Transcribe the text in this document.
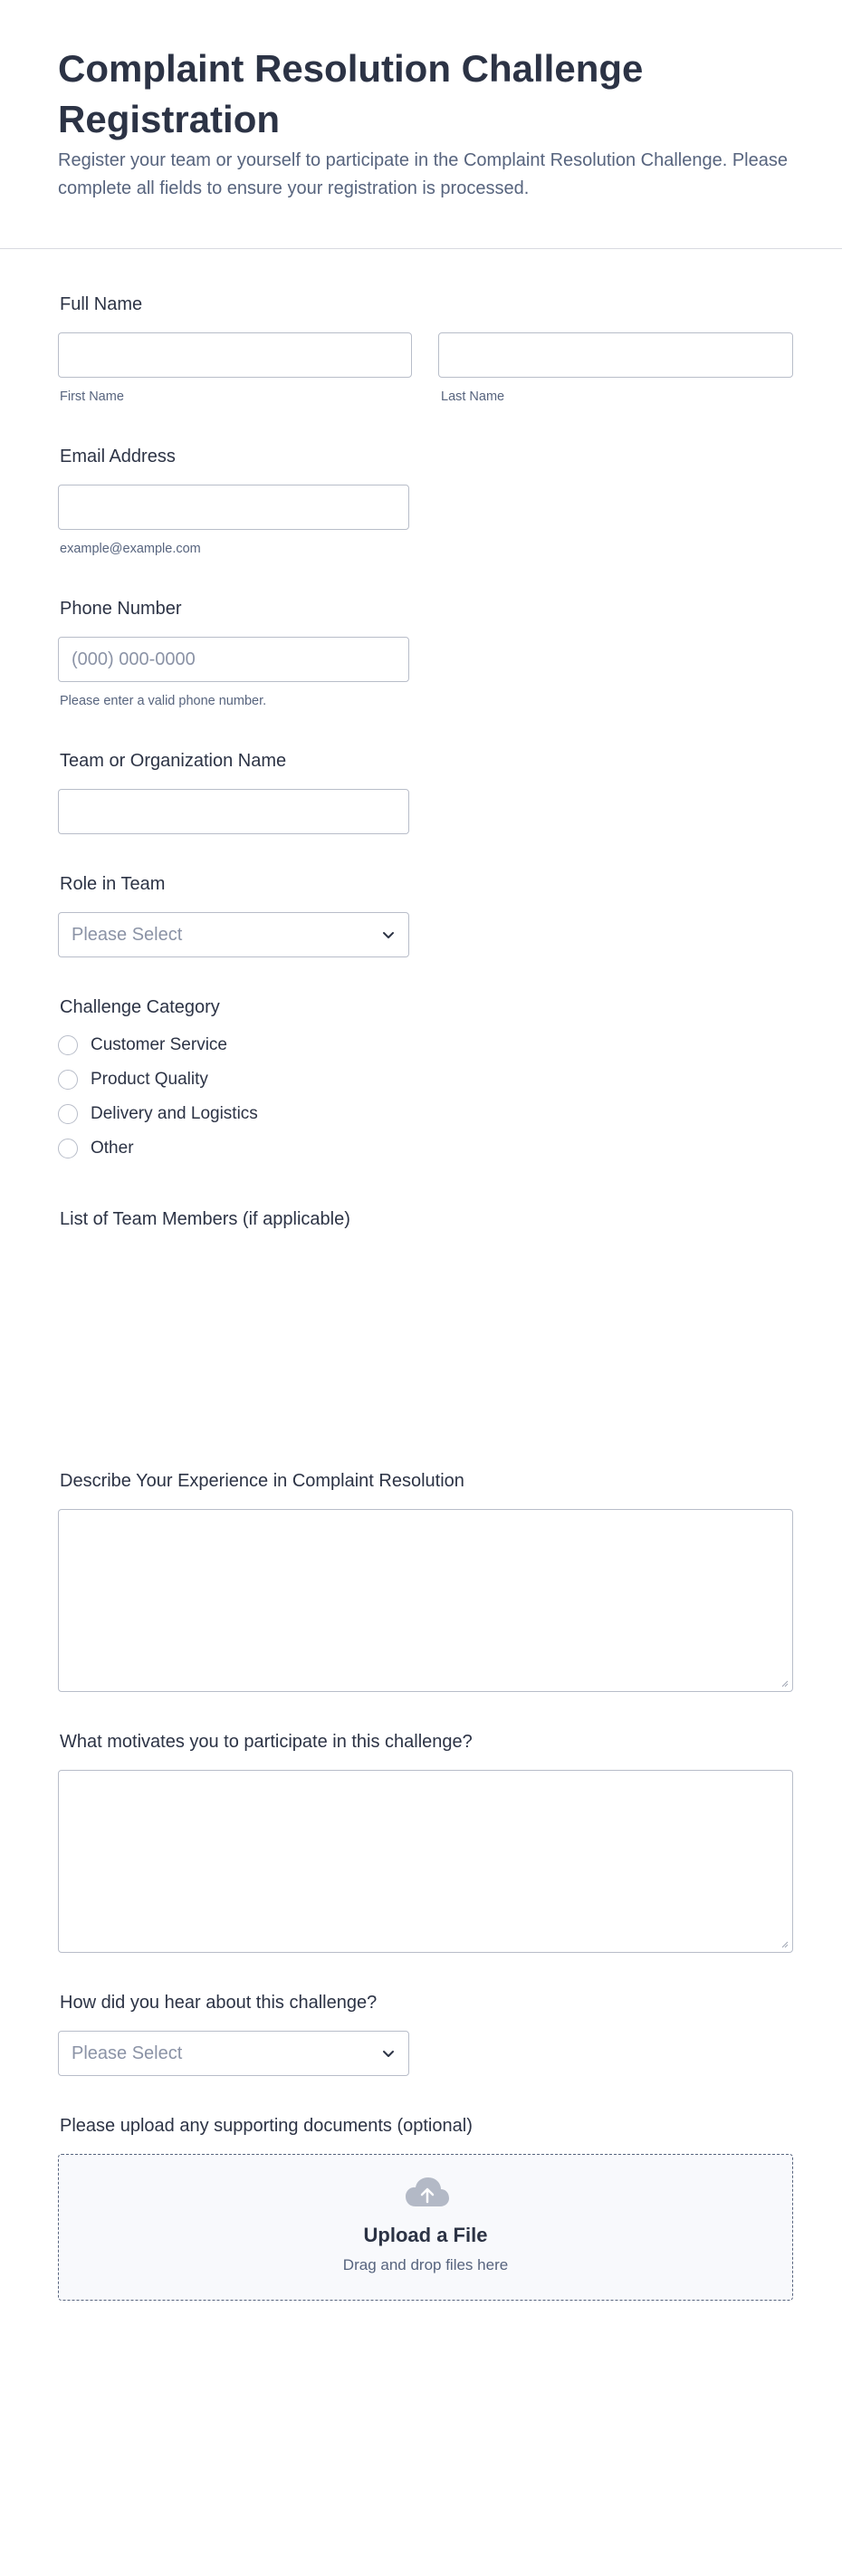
Complaint Resolution Challenge Registration
Register your team or yourself to participate in the Complaint Resolution Challenge. Please complete all fields to ensure your registration is processed.
Full Name
First Name	Last Name
Email Address
example@example.com
Phone Number
(000) 000-0000
Please enter a valid phone number.
Team or Organization Name
Role in Team
Please Select
Challenge Category
Customer Service
Product Quality
Delivery and Logistics
Other
List of Team Members (if applicable)
Describe Your Experience in Complaint Resolution
What motivates you to participate in this challenge?
How did you hear about this challenge?
Please Select
Please upload any supporting documents (optional)
Upload a File
Drag and drop files here
